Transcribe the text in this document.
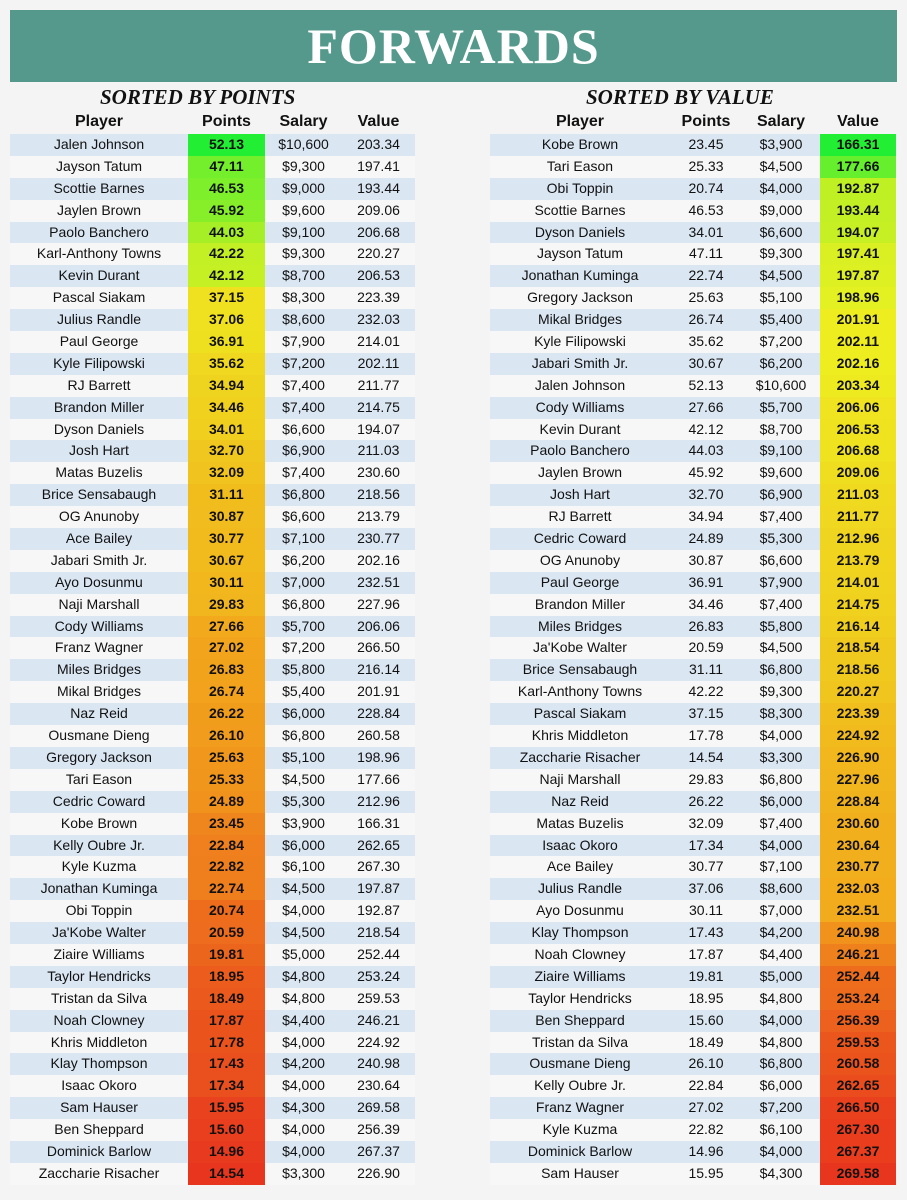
FORWARDS
SORTED BY POINTS
Player	Points	Salary	Value
Jalen Johnson	52.13	$10,600	203.34
Jayson Tatum	47.11	$9,300	197.41
Scottie Barnes	46.53	$9,000	193.44
Jaylen Brown	45.92	$9,600	209.06
Paolo Banchero	44.03	$9,100	206.68
Karl-Anthony Towns	42.22	$9,300	220.27
Kevin Durant	42.12	$8,700	206.53
Pascal Siakam	37.15	$8,300	223.39
Julius Randle	37.06	$8,600	232.03
Paul George	36.91	$7,900	214.01
Kyle Filipowski	35.62	$7,200	202.11
RJ Barrett	34.94	$7,400	211.77
Brandon Miller	34.46	$7,400	214.75
Dyson Daniels	34.01	$6,600	194.07
Josh Hart	32.70	$6,900	211.03
Matas Buzelis	32.09	$7,400	230.60
Brice Sensabaugh	31.11	$6,800	218.56
OG Anunoby	30.87	$6,600	213.79
Ace Bailey	30.77	$7,100	230.77
Jabari Smith Jr.	30.67	$6,200	202.16
Ayo Dosunmu	30.11	$7,000	232.51
Naji Marshall	29.83	$6,800	227.96
Cody Williams	27.66	$5,700	206.06
Franz Wagner	27.02	$7,200	266.50
Miles Bridges	26.83	$5,800	216.14
Mikal Bridges	26.74	$5,400	201.91
Naz Reid	26.22	$6,000	228.84
Ousmane Dieng	26.10	$6,800	260.58
Gregory Jackson	25.63	$5,100	198.96
Tari Eason	25.33	$4,500	177.66
Cedric Coward	24.89	$5,300	212.96
Kobe Brown	23.45	$3,900	166.31
Kelly Oubre Jr.	22.84	$6,000	262.65
Kyle Kuzma	22.82	$6,100	267.30
Jonathan Kuminga	22.74	$4,500	197.87
Obi Toppin	20.74	$4,000	192.87
Ja'Kobe Walter	20.59	$4,500	218.54
Ziaire Williams	19.81	$5,000	252.44
Taylor Hendricks	18.95	$4,800	253.24
Tristan da Silva	18.49	$4,800	259.53
Noah Clowney	17.87	$4,400	246.21
Khris Middleton	17.78	$4,000	224.92
Klay Thompson	17.43	$4,200	240.98
Isaac Okoro	17.34	$4,000	230.64
Sam Hauser	15.95	$4,300	269.58
Ben Sheppard	15.60	$4,000	256.39
Dominick Barlow	14.96	$4,000	267.37
Zaccharie Risacher	14.54	$3,300	226.90
SORTED BY VALUE
Player	Points	Salary	Value
Kobe Brown	23.45	$3,900	166.31
Tari Eason	25.33	$4,500	177.66
Obi Toppin	20.74	$4,000	192.87
Scottie Barnes	46.53	$9,000	193.44
Dyson Daniels	34.01	$6,600	194.07
Jayson Tatum	47.11	$9,300	197.41
Jonathan Kuminga	22.74	$4,500	197.87
Gregory Jackson	25.63	$5,100	198.96
Mikal Bridges	26.74	$5,400	201.91
Kyle Filipowski	35.62	$7,200	202.11
Jabari Smith Jr.	30.67	$6,200	202.16
Jalen Johnson	52.13	$10,600	203.34
Cody Williams	27.66	$5,700	206.06
Kevin Durant	42.12	$8,700	206.53
Paolo Banchero	44.03	$9,100	206.68
Jaylen Brown	45.92	$9,600	209.06
Josh Hart	32.70	$6,900	211.03
RJ Barrett	34.94	$7,400	211.77
Cedric Coward	24.89	$5,300	212.96
OG Anunoby	30.87	$6,600	213.79
Paul George	36.91	$7,900	214.01
Brandon Miller	34.46	$7,400	214.75
Miles Bridges	26.83	$5,800	216.14
Ja'Kobe Walter	20.59	$4,500	218.54
Brice Sensabaugh	31.11	$6,800	218.56
Karl-Anthony Towns	42.22	$9,300	220.27
Pascal Siakam	37.15	$8,300	223.39
Khris Middleton	17.78	$4,000	224.92
Zaccharie Risacher	14.54	$3,300	226.90
Naji Marshall	29.83	$6,800	227.96
Naz Reid	26.22	$6,000	228.84
Matas Buzelis	32.09	$7,400	230.60
Isaac Okoro	17.34	$4,000	230.64
Ace Bailey	30.77	$7,100	230.77
Julius Randle	37.06	$8,600	232.03
Ayo Dosunmu	30.11	$7,000	232.51
Klay Thompson	17.43	$4,200	240.98
Noah Clowney	17.87	$4,400	246.21
Ziaire Williams	19.81	$5,000	252.44
Taylor Hendricks	18.95	$4,800	253.24
Ben Sheppard	15.60	$4,000	256.39
Tristan da Silva	18.49	$4,800	259.53
Ousmane Dieng	26.10	$6,800	260.58
Kelly Oubre Jr.	22.84	$6,000	262.65
Franz Wagner	27.02	$7,200	266.50
Kyle Kuzma	22.82	$6,100	267.30
Dominick Barlow	14.96	$4,000	267.37
Sam Hauser	15.95	$4,300	269.58
